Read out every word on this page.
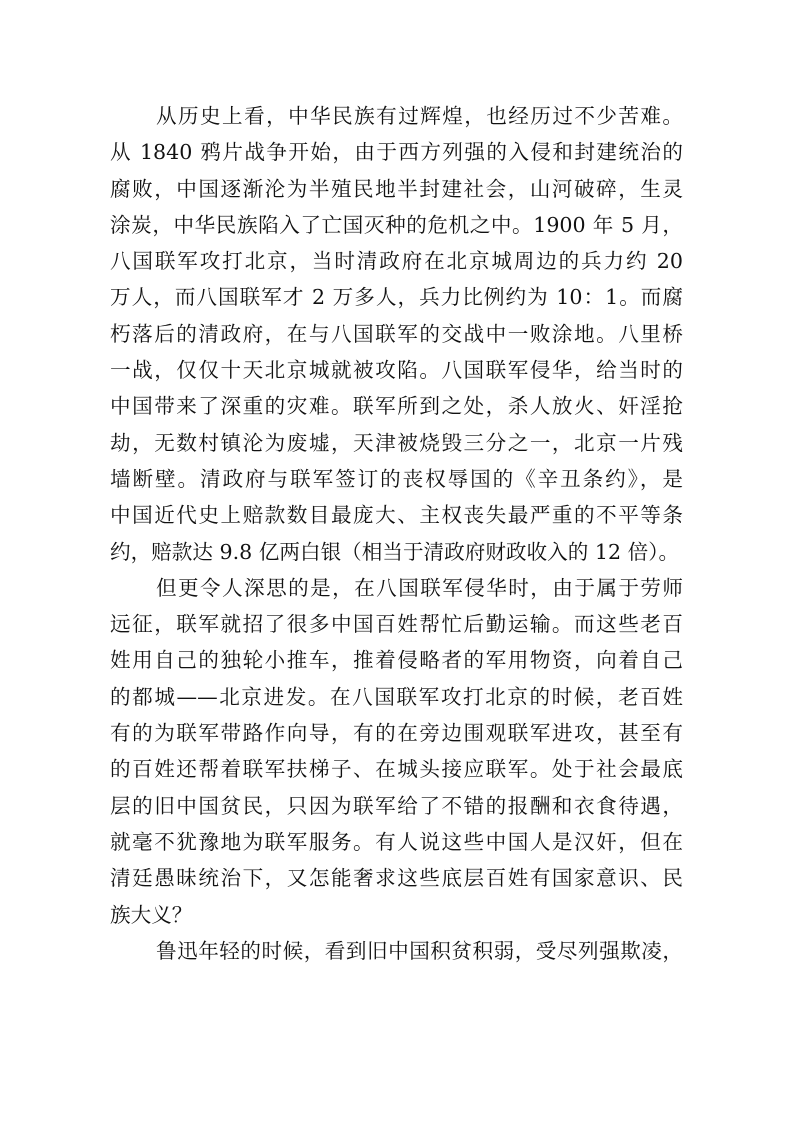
从历史上看，中华民族有过辉煌，也经历过不少苦难。
从 1840 鸦片战争开始，由于西方列强的入侵和封建统治的
腐败，中国逐渐沦为半殖民地半封建社会，山河破碎，生灵
涂炭，中华民族陷入了亡国灭种的危机之中。1900 年 5 月，
八国联军攻打北京，当时清政府在北京城周边的兵力约 20
万人，而八国联军才 2 万多人，兵力比例约为 10：1。而腐
朽落后的清政府，在与八国联军的交战中一败涂地。八里桥
一战，仅仅十天北京城就被攻陷。八国联军侵华，给当时的
中国带来了深重的灾难。联军所到之处，杀人放火、奸淫抢
劫，无数村镇沦为废墟，天津被烧毁三分之一，北京一片残
墙断壁。清政府与联军签订的丧权辱国的《辛丑条约》，是
中国近代史上赔款数目最庞大、主权丧失最严重的不平等条
约，赔款达 9.8 亿两白银（相当于清政府财政收入的 12 倍）。
但更令人深思的是，在八国联军侵华时，由于属于劳师
远征，联军就招了很多中国百姓帮忙后勤运输。而这些老百
姓用自己的独轮小推车，推着侵略者的军用物资，向着自己
的都城——北京进发。在八国联军攻打北京的时候，老百姓
有的为联军带路作向导，有的在旁边围观联军进攻，甚至有
的百姓还帮着联军扶梯子、在城头接应联军。处于社会最底
层的旧中国贫民，只因为联军给了不错的报酬和衣食待遇，
就毫不犹豫地为联军服务。有人说这些中国人是汉奸，但在
清廷愚昧统治下，又怎能奢求这些底层百姓有国家意识、民
族大义？
鲁迅年轻的时候，看到旧中国积贫积弱，受尽列强欺凌，
